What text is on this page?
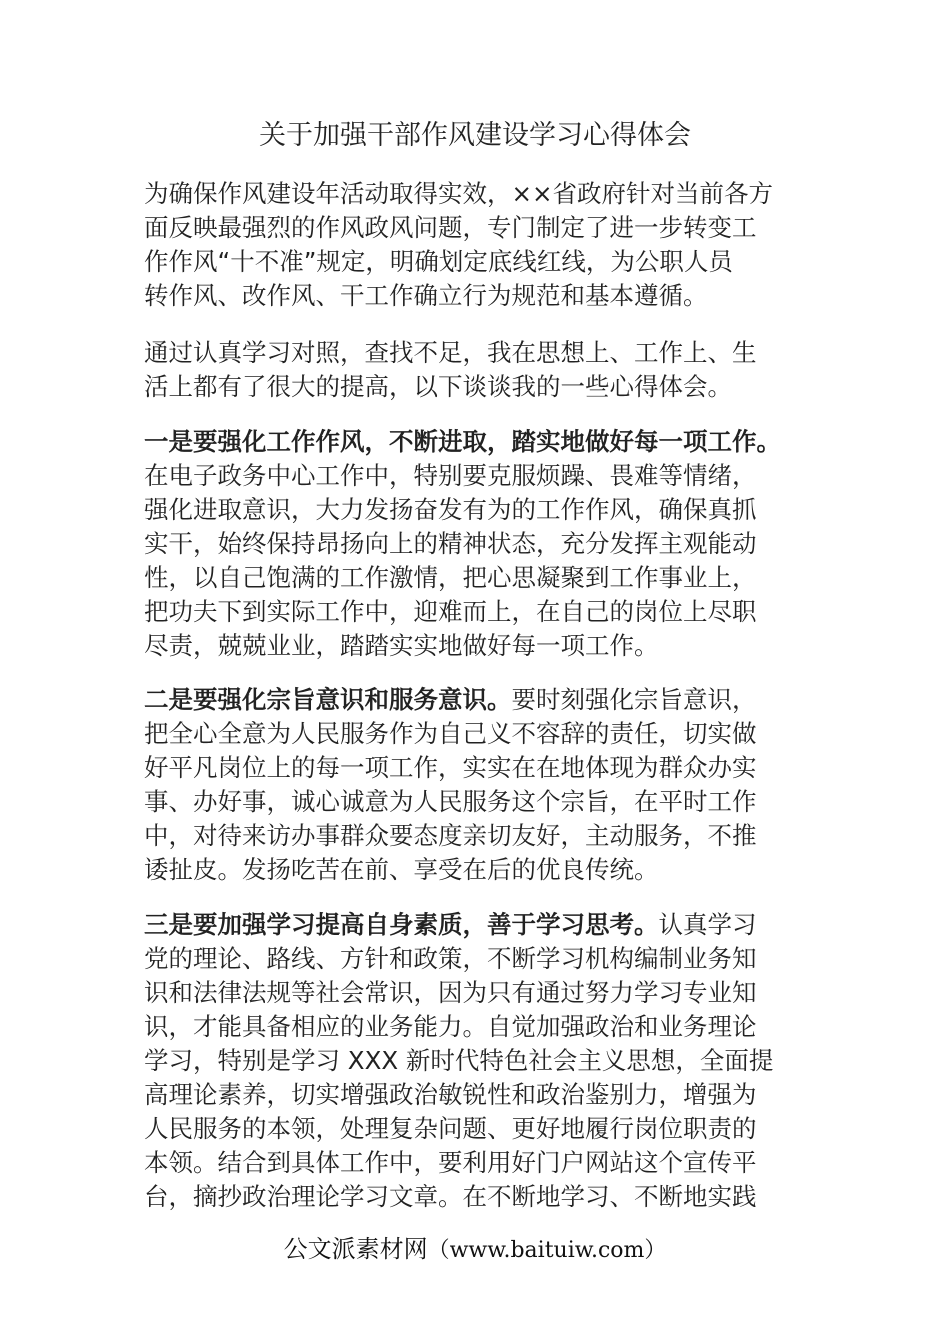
关于加强干部作风建设学习心得体会

为确保作风建设年活动取得实效，××省政府针对当前各方
面反映最强烈的作风政风问题，专门制定了进一步转变工
作作风“十不准”规定，明确划定底线红线，为公职人员
转作风、改作风、干工作确立行为规范和基本遵循。

通过认真学习对照，查找不足，我在思想上、工作上、生
活上都有了很大的提高，以下谈谈我的一些心得体会。

一是要强化工作作风，不断进取，踏实地做好每一项工作。
在电子政务中心工作中，特别要克服烦躁、畏难等情绪，
强化进取意识，大力发扬奋发有为的工作作风，确保真抓
实干，始终保持昂扬向上的精神状态，充分发挥主观能动
性，以自己饱满的工作激情，把心思凝聚到工作事业上，
把功夫下到实际工作中，迎难而上，在自己的岗位上尽职
尽责，兢兢业业，踏踏实实地做好每一项工作。

二是要强化宗旨意识和服务意识。要时刻强化宗旨意识，
把全心全意为人民服务作为自己义不容辞的责任，切实做
好平凡岗位上的每一项工作，实实在在地体现为群众办实
事、办好事，诚心诚意为人民服务这个宗旨，在平时工作
中，对待来访办事群众要态度亲切友好，主动服务，不推
诿扯皮。发扬吃苦在前、享受在后的优良传统。

三是要加强学习提高自身素质，善于学习思考。认真学习
党的理论、路线、方针和政策，不断学习机构编制业务知
识和法律法规等社会常识，因为只有通过努力学习专业知
识，才能具备相应的业务能力。自觉加强政治和业务理论
学习，特别是学习 XXX 新时代特色社会主义思想，全面提
高理论素养，切实增强政治敏锐性和政治鉴别力，增强为
人民服务的本领，处理复杂问题、更好地履行岗位职责的
本领。结合到具体工作中，要利用好门户网站这个宣传平
台，摘抄政治理论学习文章。在不断地学习、不断地实践

公文派素材网（www.baituiw.com）
